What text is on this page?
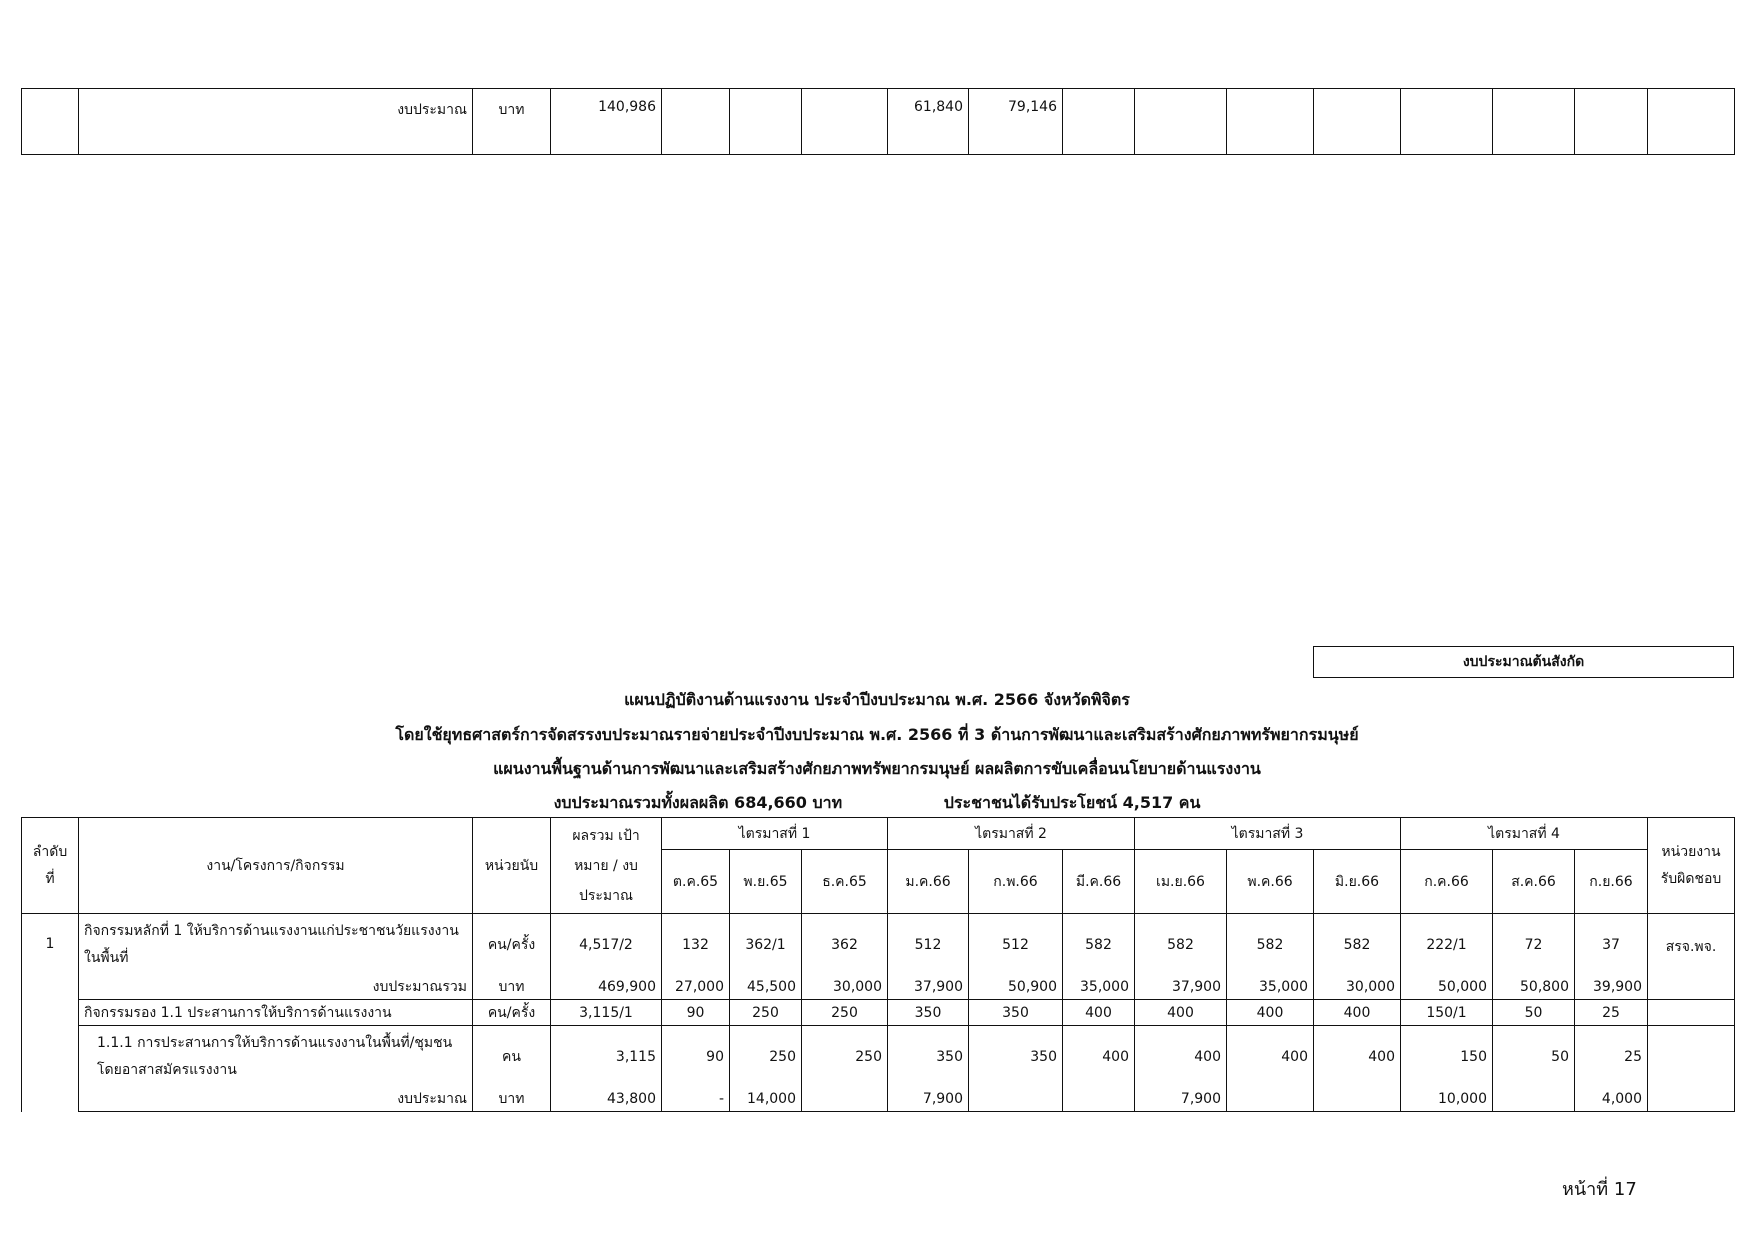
	งบประมาณ	บาท	140,986				61,840	79,146								
งบประมาณต้นสังกัด
แผนปฏิบัติงานด้านแรงงาน ประจำปีงบประมาณ พ.ศ. 2566 จังหวัดพิจิตร
โดยใช้ยุทธศาสตร์การจัดสรรงบประมาณรายจ่ายประจำปีงบประมาณ พ.ศ. 2566 ที่ 3 ด้านการพัฒนาและเสริมสร้างศักยภาพทรัพยากรมนุษย์
แผนงานพื้นฐานด้านการพัฒนาและเสริมสร้างศักยภาพทรัพยากรมนุษย์ ผลผลิตการขับเคลื่อนนโยบายด้านแรงงาน
งบประมาณรวมทั้งผลผลิต 684,660 บาท	ประชาชนได้รับประโยชน์ 4,517 คน
ลำดับ ที่	งาน/โครงการ/กิจกรรม	หน่วยนับ	ผลรวม เป้าหมาย / งบประมาณ	ไตรมาสที่ 1			ไตรมาสที่ 2			ไตรมาสที่ 3			ไตรมาสที่ 4			หน่วยงาน รับผิดชอบ
				ต.ค.65	พ.ย.65	ธ.ค.65	ม.ค.66	ก.พ.66	มี.ค.66	เม.ย.66	พ.ค.66	มิ.ย.66	ก.ค.66	ส.ค.66	ก.ย.66	
1	กิจกรรมหลักที่ 1 ให้บริการด้านแรงงานแก่ประชาชนวัยแรงงานในพื้นที่	คน/ครั้ง	4,517/2	132	362/1	362	512	512	582	582	582	582	222/1	72	37	สรจ.พจ.
	งบประมาณรวม	บาท	469,900	27,000	45,500	30,000	37,900	50,900	35,000	37,900	35,000	30,000	50,000	50,800	39,900	
	กิจกรรมรอง 1.1 ประสานการให้บริการด้านแรงงาน	คน/ครั้ง	3,115/1	90	250	250	350	350	400	400	400	400	150/1	50	25	
	1.1.1 การประสานการให้บริการด้านแรงงานในพื้นที่/ชุมชนโดยอาสาสมัครแรงงาน	คน	3,115	90	250	250	350	350	400	400	400	400	150	50	25	
	งบประมาณ	บาท	43,800	-	14,000		7,900			7,900			10,000		4,000	
หน้าที่ 17
